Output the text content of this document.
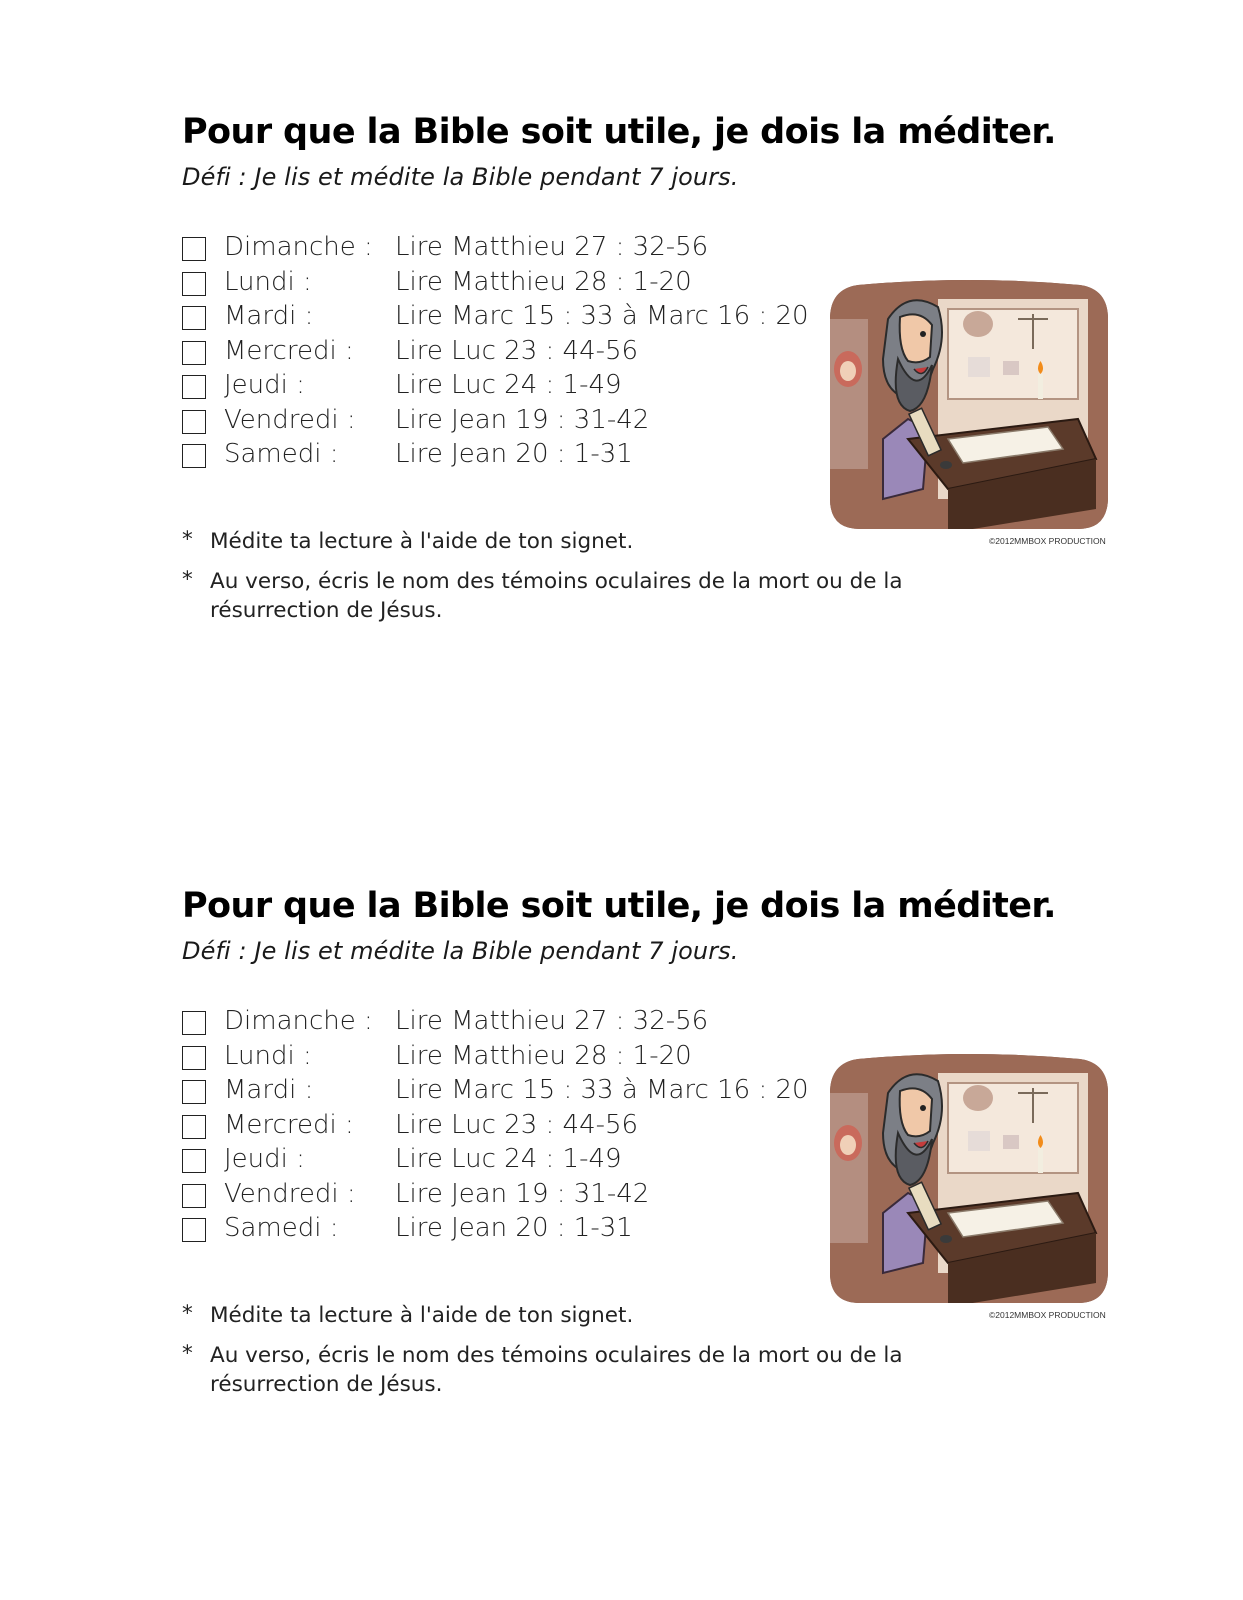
Pour que la Bible soit utile, je dois la méditer.

Défi : Je lis et médite la Bible pendant 7 jours.

Dimanche : Lire Matthieu 27 : 32-56
Lundi :	Lire Matthieu 28 : 1-20
Mardi :	Lire Marc 15 : 33 à Marc 16 : 20
Mercredi : Lire Luc 23 : 44-56
Jeudi :	Lire Luc 24 : 1-49
Vendredi : Lire Jean 19 : 31-42
Samedi : Lire Jean 20 : 1-31
©2012MMBOX PRODUCTION
* Médite ta lecture à l'aide de ton signet.
* Au verso, écris le nom des témoins oculaires de la mort ou de la résurrection de Jésus.
Pour que la Bible soit utile, je dois la méditer.

Défi : Je lis et médite la Bible pendant 7 jours.

Dimanche : Lire Matthieu 27 : 32-56
Lundi :	Lire Matthieu 28 : 1-20
Mardi :	Lire Marc 15 : 33 à Marc 16 : 20
Mercredi : Lire Luc 23 : 44-56
Jeudi :	Lire Luc 24 : 1-49
Vendredi : Lire Jean 19 : 31-42
Samedi : Lire Jean 20 : 1-31
©2012MMBOX PRODUCTION
* Médite ta lecture à l'aide de ton signet.
* Au verso, écris le nom des témoins oculaires de la mort ou de la résurrection de Jésus.
